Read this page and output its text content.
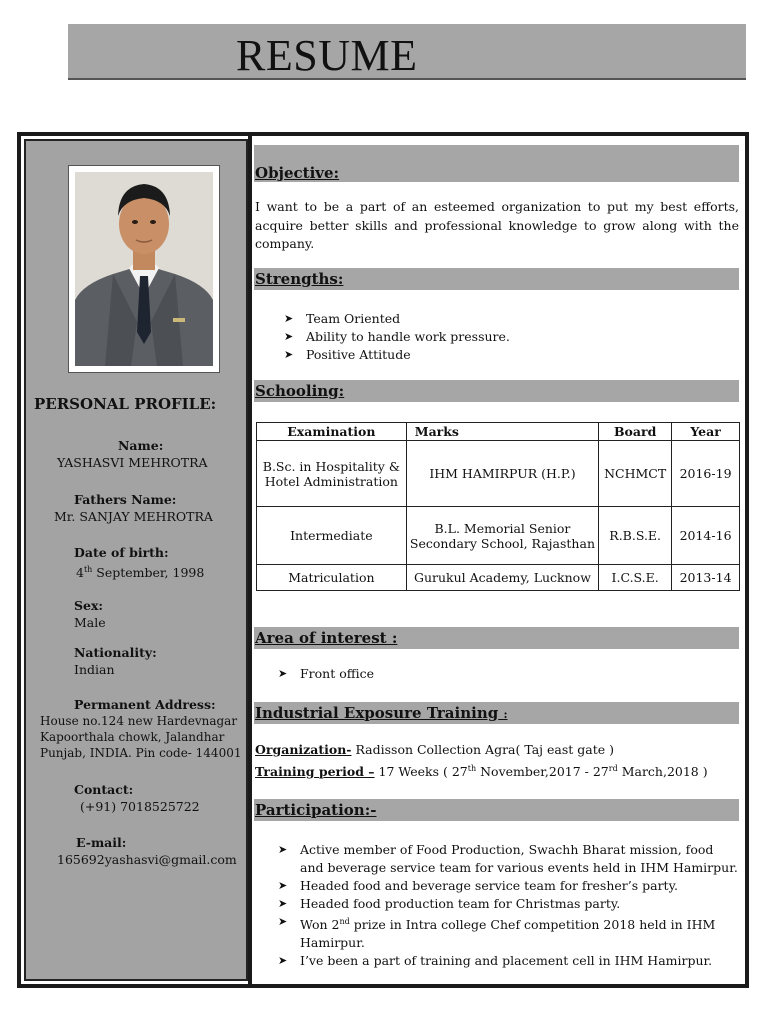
RESUME
PERSONAL PROFILE:
Name:
YASHASVI MEHROTRA
Fathers Name:
Mr. SANJAY MEHROTRA
Date of birth:
4th September, 1998
Sex:
Male
Nationality:
Indian
Permanent Address:
House no.124 new Hardevnagar
Kapoorthala chowk, Jalandhar
Punjab, INDIA. Pin code- 144001
Contact:
(+91) 7018525722
E-mail:
165692yashasvi@gmail.com
Objective:
I want to be a part of an esteemed organization to put my best efforts, acquire better skills and professional knowledge to grow along with the company.
Strengths:
➤ Team Oriented
➤ Ability to handle work pressure.
➤ Positive Attitude
Schooling:
Examination	Marks	Board	Year
B.Sc. in Hospitality & Hotel Administration	IHM HAMIRPUR (H.P.)	NCHMCT	2016-19
Intermediate	B.L. Memorial Senior Secondary School, Rajasthan	R.B.S.E.	2014-16
Matriculation	Gurukul Academy, Lucknow	I.C.S.E.	2013-14
Area of interest :
➤ Front office
Industrial Exposure Training :
Organization- Radisson Collection Agra( Taj east gate )
Training period – 17 Weeks ( 27th November,2017 - 27rd March,2018 )
Participation:-
➤ Active member of Food Production, Swachh Bharat mission, food and beverage service team for various events held in IHM Hamirpur.
➤ Headed food and beverage service team for fresher’s party.
➤ Headed food production team for Christmas party.
➤ Won 2nd prize in Intra college Chef competition 2018 held in IHM Hamirpur.
➤ I’ve been a part of training and placement cell in IHM Hamirpur.
